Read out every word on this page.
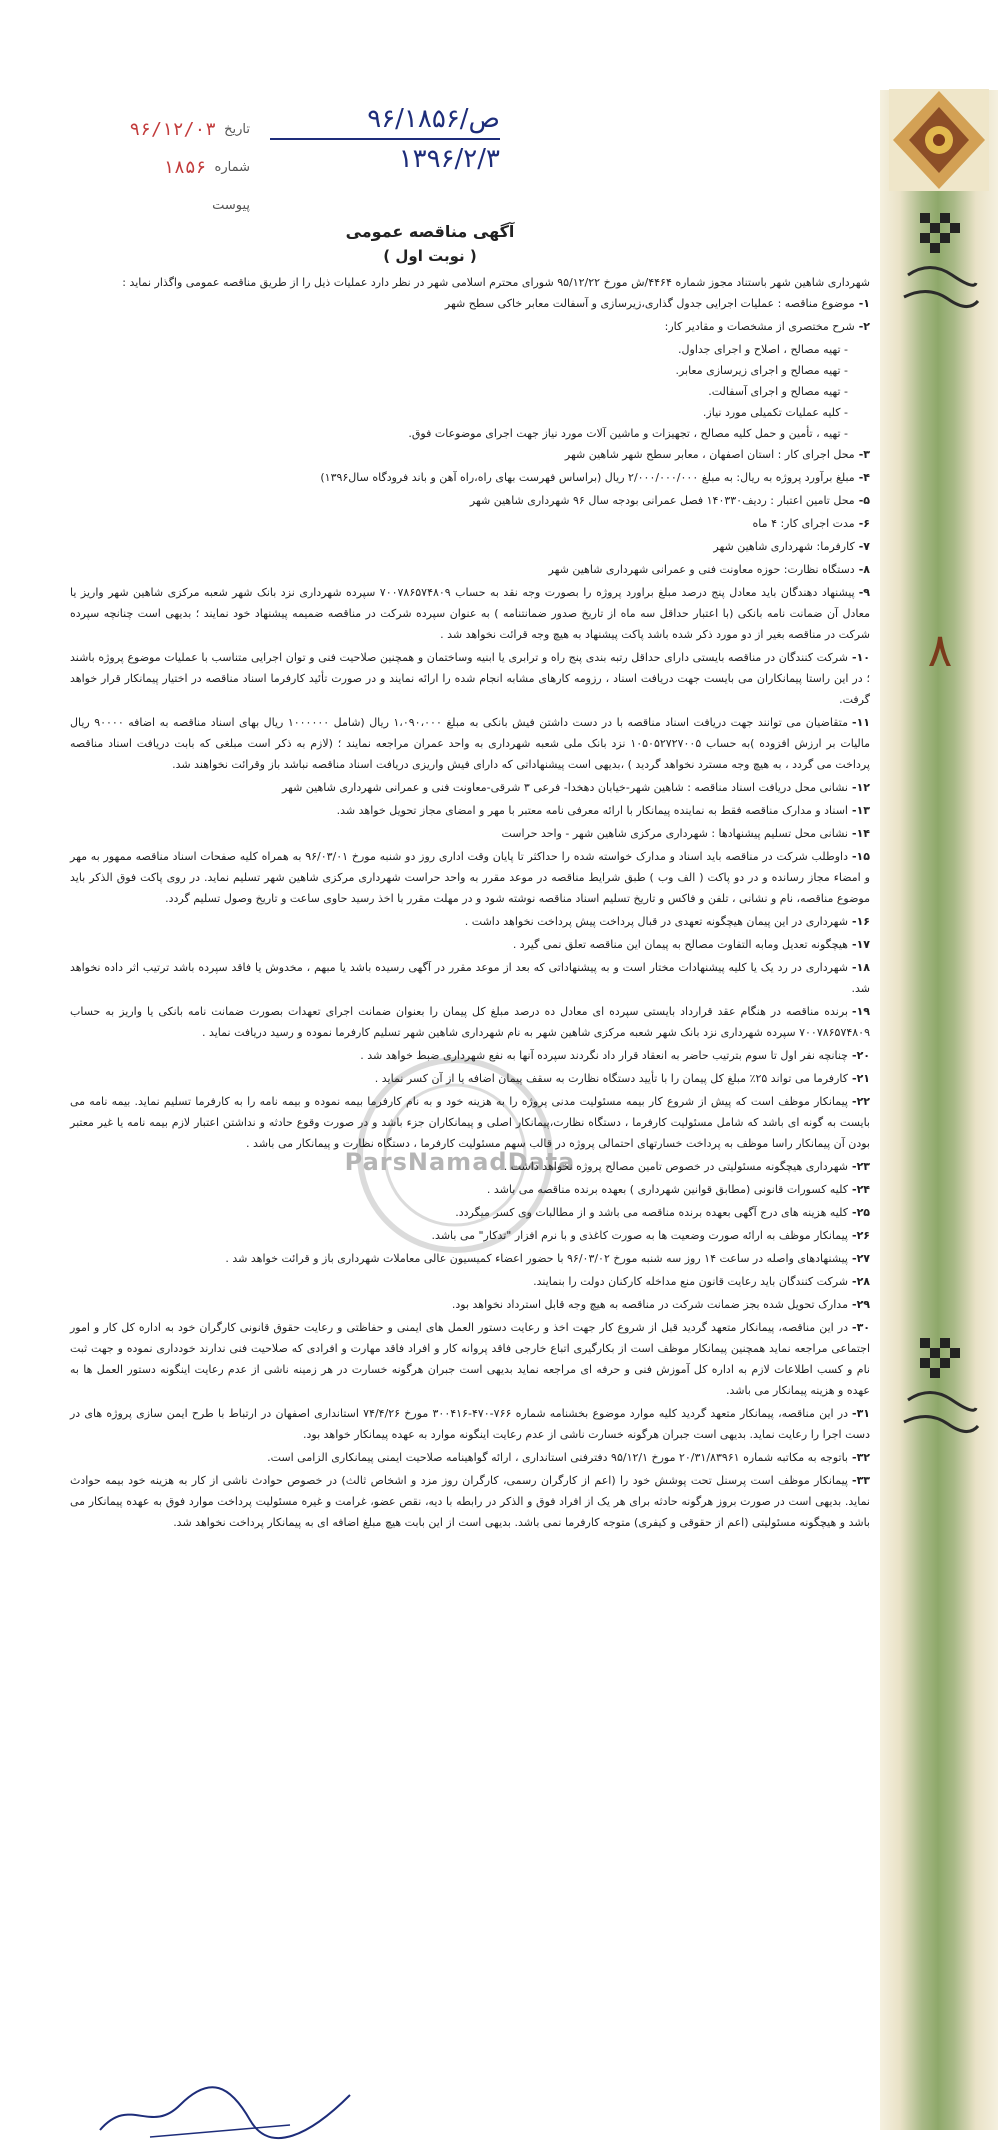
۸
تاریخ
۹۶/۱۲/۰۳
شماره
۱۸۵۶
پیوست
ص/۹۶/۱۸۵۶
۱۳۹۶/۲/۳
آگهی مناقصه عمومی
( نوبت اول )
ParsNamadData

شهرداری شاهین شهر باستناد مجوز شماره ۴۴۶۴/ش مورخ ۹۵/۱۲/۲۲ شورای محترم اسلامی شهر در نظر دارد عملیات ذیل را از طریق مناقصه عمومی واگذار نماید :

۱-موضوع مناقصه : عملیات اجرایی جدول گذاری،زیرسازی و آسفالت معابر خاکی سطح شهر

۲-شرح مختصری از مشخصات و مقادیر کار:

- تهیه مصالح ، اصلاح و اجرای جداول.

- تهیه مصالح و اجرای زیرسازی معابر.

- تهیه مصالح و اجرای آسفالت.

- کلیه عملیات تکمیلی مورد نیاز.

- تهیه ، تأمین و حمل کلیه مصالح ، تجهیزات و ماشین آلات مورد نیاز جهت اجرای موضوعات فوق.

۳-محل اجرای کار : استان اصفهان ، معابر سطح شهر شاهین شهر

۴-مبلغ برآورد پروژه به ریال: به مبلغ ۲/۰۰۰/۰۰۰/۰۰۰ ریال (براساس فهرست بهای راه،راه آهن و باند فرودگاه سال۱۳۹۶)

۵-محل تامین اعتبار : ردیف۱۴۰۳۳۰ فصل عمرانی بودجه سال ۹۶ شهرداری شاهین شهر

۶-مدت اجرای کار: ۴ ماه

۷-کارفرما: شهرداری شاهین شهر

۸-دستگاه نظارت: حوزه معاونت فنی و عمرانی شهرداری شاهین شهر

۹-پیشنهاد دهندگان باید معادل پنج درصد مبلغ براورد پروژه را بصورت وجه نقد به حساب ۷۰۰۷۸۶۵۷۴۸۰۹ سپرده شهرداری نزد بانک شهر شعبه مرکزی شاهین شهر واریز یا معادل آن ضمانت نامه بانکی (با اعتبار حداقل سه ماه از تاریخ صدور ضمانتنامه ) به عنوان سپرده شرکت در مناقصه ضمیمه پیشنهاد خود نمایند ؛ بدیهی است چنانچه سپرده شرکت در مناقصه بغیر از دو مورد ذکر شده باشد پاکت پیشنهاد به هیچ وجه قرائت نخواهد شد .

۱۰-شرکت کنندگان در مناقصه بایستی دارای حداقل رتبه بندی پنج راه و ترابری یا ابنیه وساختمان و همچنین صلاحیت فنی و توان اجرایی متناسب با عملیات موضوع پروژه باشند ؛ در این راستا پیمانکاران می بایست جهت دریافت اسناد ، رزومه کارهای مشابه انجام شده را ارائه نمایند و در صورت تأئید کارفرما اسناد مناقصه در اختیار پیمانکار قرار خواهد گرفت.

۱۱-متقاضیان می توانند جهت دریافت اسناد مناقصه با در دست داشتن فیش بانکی به مبلغ ۱،۰۹۰،۰۰۰ ریال (شامل ۱۰۰۰۰۰۰ ریال بهای اسناد مناقصه به اضافه ۹۰۰۰۰ ریال مالیات بر ارزش افزوده )به حساب ۱۰۵۰۵۲۷۲۷۰۰۵ نزد بانک ملی شعبه شهرداری به واحد عمران مراجعه نمایند ؛ (لازم به ذکر است مبلغی که بابت دریافت اسناد مناقصه پرداخت می گردد ، به هیچ وجه مسترد نخواهد گردید ) ،بدیهی است پیشنهاداتی که دارای فیش واریزی دریافت اسناد مناقصه نباشد باز وقرائت نخواهند شد.

۱۲-نشانی محل دریافت اسناد مناقصه : شاهین شهر-خیابان دهخدا- فرعی ۳ شرقی-معاونت فنی و عمرانی شهرداری شاهین شهر

۱۳-اسناد و مدارک مناقصه فقط به نماینده پیمانکار با ارائه معرفی نامه معتبر با مهر و امضای مجاز تحویل خواهد شد.

۱۴-نشانی محل تسلیم پیشنهادها : شهرداری مرکزی شاهین شهر - واحد حراست

۱۵-داوطلب شرکت در مناقصه باید اسناد و مدارک خواسته شده را حداکثر تا پایان وقت اداری روز دو شنبه مورخ ۹۶/۰۳/۰۱ به همراه کلیه صفحات اسناد مناقصه ممهور به مهر و امضاء مجاز رسانده و در دو پاکت ( الف وب ) طبق شرایط مناقصه در موعد مقرر به واحد حراست شهرداری مرکزی شاهین شهر تسلیم نماید. در روی پاکت فوق الذکر باید موضوع مناقصه، نام و نشانی ، تلفن و فاکس و تاریخ تسلیم اسناد مناقصه نوشته شود و در مهلت مقرر با اخذ رسید حاوی ساعت و تاریخ وصول تسلیم گردد.

۱۶-شهرداری در این پیمان هیچگونه تعهدی در قبال پرداخت پیش پرداخت نخواهد داشت .

۱۷-هیچگونه تعدیل ومابه التفاوت مصالح به پیمان این مناقصه تعلق نمی گیرد .

۱۸-شهرداری در رد یک یا کلیه پیشنهادات مختار است و به پیشنهاداتی که بعد از موعد مقرر در آگهی رسیده باشد یا مبهم ، مخدوش یا فاقد سپرده باشد ترتیب اثر داده نخواهد شد.

۱۹-برنده مناقصه در هنگام عقد قرارداد بایستی سپرده ای معادل ده درصد مبلغ کل پیمان را بعنوان ضمانت اجرای تعهدات بصورت ضمانت نامه بانکی یا واریز به حساب ۷۰۰۷۸۶۵۷۴۸۰۹ سپرده شهرداری نزد بانک شهر شعبه مرکزی شاهین شهر به نام شهرداری شاهین شهر تسلیم کارفرما نموده و رسید دریافت نماید .

۲۰-چنانچه نفر اول تا سوم بترتیب حاضر به انعقاد قرار داد نگردند سپرده آنها به نفع شهرداری ضبط خواهد شد .

۲۱-کارفرما می تواند ۲۵٪ مبلغ کل پیمان را با تأیید دستگاه نظارت به سقف پیمان اضافه یا از آن کسر نماید .

۲۲-پیمانکار موظف است که پیش از شروع کار بیمه مسئولیت مدنی پروژه را به هزینه خود و به نام کارفرما بیمه نموده و بیمه نامه را به کارفرما تسلیم نماید. بیمه نامه می بایست به گونه ای باشد که شامل مسئولیت کارفرما ، دستگاه نظارت،پیمانکار اصلی و پیمانکاران جزء باشد و در صورت وقوع حادثه و نداشتن اعتبار لازم بیمه نامه یا غیر معتبر بودن آن پیمانکار راسا موظف به پرداخت خسارتهای احتمالی پروژه در قالب سهم مسئولیت کارفرما ، دستگاه نظارت و پیمانکار می باشد .

۲۳-شهرداری هیچگونه مسئولیتی در خصوص تامین مصالح پروژه نخواهد داشت .

۲۴-کلیه کسورات قانونی (مطابق قوانین شهرداری ) بعهده برنده مناقصه می باشد .

۲۵-کلیه هزینه های درج آگهی بعهده برنده مناقصه می باشد و از مطالبات وی کسر میگردد.

۲۶-پیمانکار موظف به ارائه صورت وضعیت ها به صورت کاغذی و با نرم افزار "تدکار" می باشد.

۲۷-پیشنهادهای واصله در ساعت ۱۴ روز سه شنبه مورخ ۹۶/۰۳/۰۲ با حضور اعضاء کمیسیون عالی معاملات شهرداری باز و قرائت خواهد شد .

۲۸-شرکت کنندگان باید رعایت قانون منع مداخله کارکنان دولت را بنمایند.

۲۹-مدارک تحویل شده بجز ضمانت شرکت در مناقصه به هیچ وجه قابل استرداد نخواهد بود.

۳۰-در این مناقصه، پیمانکار متعهد گردید قبل از شروع کار جهت اخذ و رعایت دستور العمل های ایمنی و حفاظتی و رعایت حقوق قانونی کارگران خود به اداره کل کار و امور اجتماعی مراجعه نماید همچنین پیمانکار موظف است از بکارگیری اتباع خارجی فاقد پروانه کار و افراد فاقد مهارت و افرادی که صلاحیت فنی ندارند خودداری نموده و جهت ثبت نام و کسب اطلاعات لازم به اداره کل آموزش فنی و حرفه ای مراجعه نماید بدیهی است جبران هرگونه خسارت در هر زمینه ناشی از عدم رعایت اینگونه دستور العمل ها به عهده و هزینه پیمانکار می باشد.

۳۱-در این مناقصه، پیمانکار متعهد گردید کلیه موارد موضوع بخشنامه شماره ۷۶۶-۴۷۰-۳۰۰۴۱۶ مورخ ۷۴/۴/۲۶ استانداری اصفهان در ارتباط با طرح ایمن سازی پروژه های در دست اجرا را رعایت نماید. بدیهی است جبران هرگونه خسارت ناشی از عدم رعایت اینگونه موارد به عهده پیمانکار خواهد بود.

۳۲-باتوجه به مکاتبه شماره ۲۰/۳۱/۸۳۹۶۱ مورخ ۹۵/۱۲/۱ دفترفنی استانداری ، ارائه گواهینامه صلاحیت ایمنی پیمانکاری الزامی است.

۳۳-پیمانکار موظف است پرسنل تحت پوشش خود را (اعم از کارگران رسمی، کارگران روز مزد و اشخاص ثالث) در خصوص حوادث ناشی از کار به هزینه خود بیمه حوادث نماید. بدیهی است در صورت بروز هرگونه حادثه برای هر یک از افراد فوق و الذکر در رابطه با دیه، نقص عضو، غرامت و غیره مسئولیت پرداخت موارد فوق به عهده پیمانکار می باشد و هیچگونه مسئولیتی (اعم از حقوقی و کیفری) متوجه کارفرما نمی باشد. بدیهی است از این بابت هیچ مبلغ اضافه ای به پیمانکار پرداخت نخواهد شد.
